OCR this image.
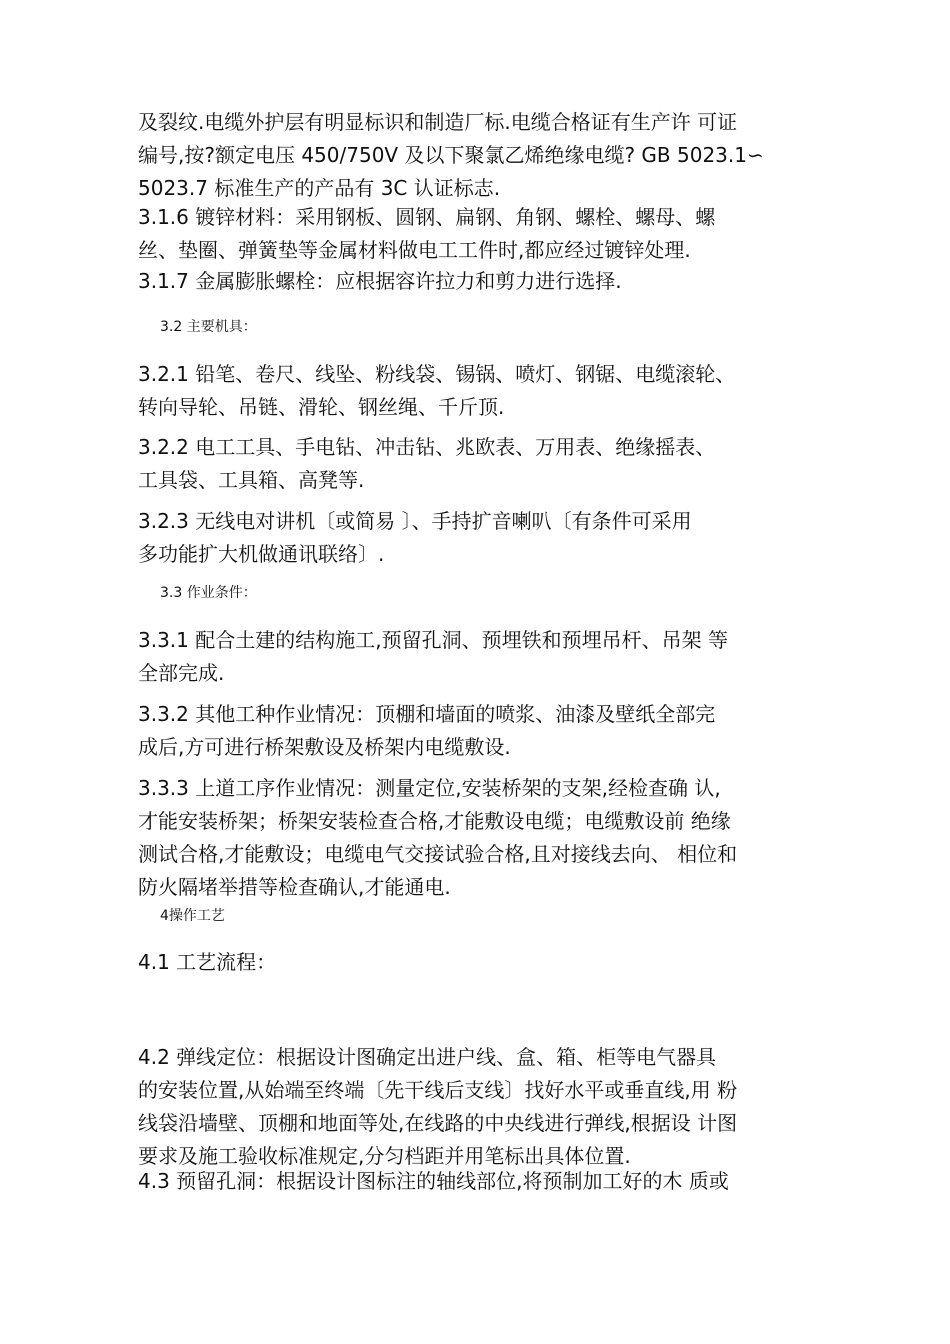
及裂纹.电缆外护层有明显标识和制造厂标.电缆合格证有生产许 可证
编号,按?额定电压 450/750V 及以下聚氯乙烯绝缘电缆? GB 5023.1∽
5023.7 标准生产的产品有 3C 认证标志.
3.1.6 镀锌材料：采用钢板、圆钢、扁钢、角钢、螺栓、螺母、螺
丝、垫圈、弹簧垫等金属材料做电工工件时,都应经过镀锌处理.
3.1.7 金属膨胀螺栓：应根据容许拉力和剪力进行选择.
3.2 主要机具：
3.2.1 铅笔、卷尺、线坠、粉线袋、锡锅、喷灯、钢锯、电缆滚轮、
转向导轮、吊链、滑轮、钢丝绳、千斤顶.
3.2.2 电工工具、手电钻、冲击钻、兆欧表、万用表、绝缘摇表、
工具袋、工具箱、高凳等.
3.2.3 无线电对讲机〔或简易 〕、手持扩音喇叭〔有条件可采用
多功能扩大机做通讯联络〕.
3.3 作业条件：
3.3.1 配合土建的结构施工,预留孔洞、预埋铁和预埋吊杆、吊架 等
全部完成.
3.3.2 其他工种作业情况：顶棚和墙面的喷浆、油漆及壁纸全部完
成后,方可进行桥架敷设及桥架内电缆敷设.
3.3.3 上道工序作业情况：测量定位,安装桥架的支架,经检查确 认,
才能安装桥架；桥架安装检查合格,才能敷设电缆；电缆敷设前 绝缘
测试合格,才能敷设；电缆电气交接试验合格,且对接线去向、 相位和
防火隔堵举措等检查确认,才能通电.
4操作工艺
4.1 工艺流程：
4.2 弹线定位：根据设计图确定出进户线、盒、箱、柜等电气器具
的安装位置,从始端至终端〔先干线后支线〕找好水平或垂直线,用 粉
线袋沿墙壁、顶棚和地面等处,在线路的中央线进行弹线,根据设 计图
要求及施工验收标准规定,分匀档距并用笔标出具体位置.
4.3 预留孔洞：根据设计图标注的轴线部位,将预制加工好的木 质或
